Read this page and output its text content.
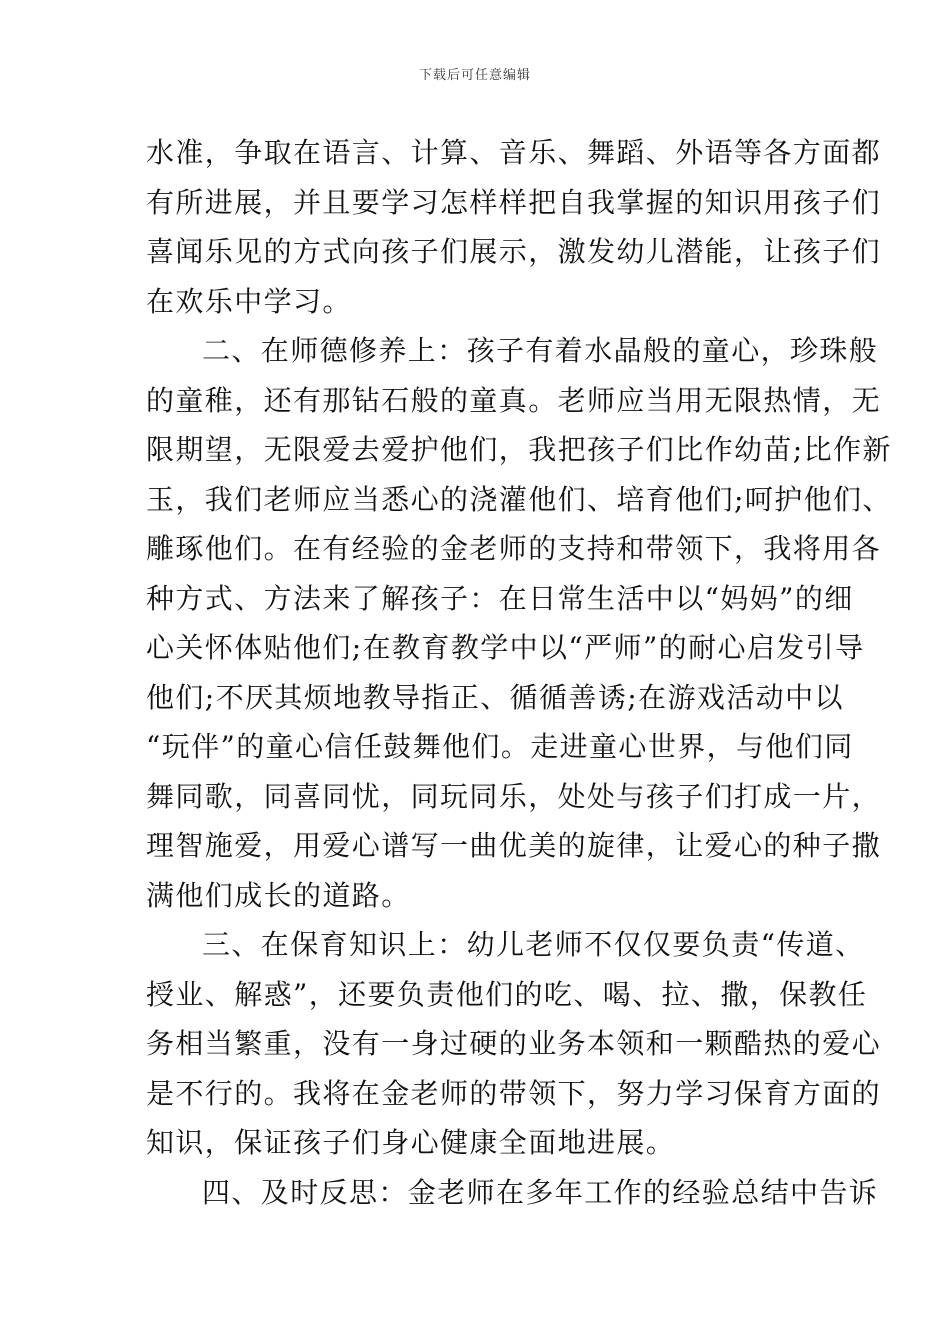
下载后可任意编辑
水准，争取在语言、计算、音乐、舞蹈、外语等各方面都
有所进展，并且要学习怎样样把自我掌握的知识用孩子们
喜闻乐见的方式向孩子们展示，激发幼儿潜能，让孩子们
在欢乐中学习。
二、在师德修养上：孩子有着水晶般的童心，珍珠般
的童稚，还有那钻石般的童真。老师应当用无限热情，无
限期望，无限爱去爱护他们，我把孩子们比作幼苗;比作新
玉，我们老师应当悉心的浇灌他们、培育他们;呵护他们、
雕琢他们。在有经验的金老师的支持和带领下，我将用各
种方式、方法来了解孩子：在日常生活中以“妈妈”的细
心关怀体贴他们;在教育教学中以“严师”的耐心启发引导
他们;不厌其烦地教导指正、循循善诱;在游戏活动中以
“玩伴”的童心信任鼓舞他们。走进童心世界，与他们同
舞同歌，同喜同忧，同玩同乐，处处与孩子们打成一片，
理智施爱，用爱心谱写一曲优美的旋律，让爱心的种子撒
满他们成长的道路。
三、在保育知识上：幼儿老师不仅仅要负责“传道、
授业、解惑”，还要负责他们的吃、喝、拉、撒，保教任
务相当繁重，没有一身过硬的业务本领和一颗酷热的爱心
是不行的。我将在金老师的带领下，努力学习保育方面的
知识，保证孩子们身心健康全面地进展。
四、及时反思：金老师在多年工作的经验总结中告诉
